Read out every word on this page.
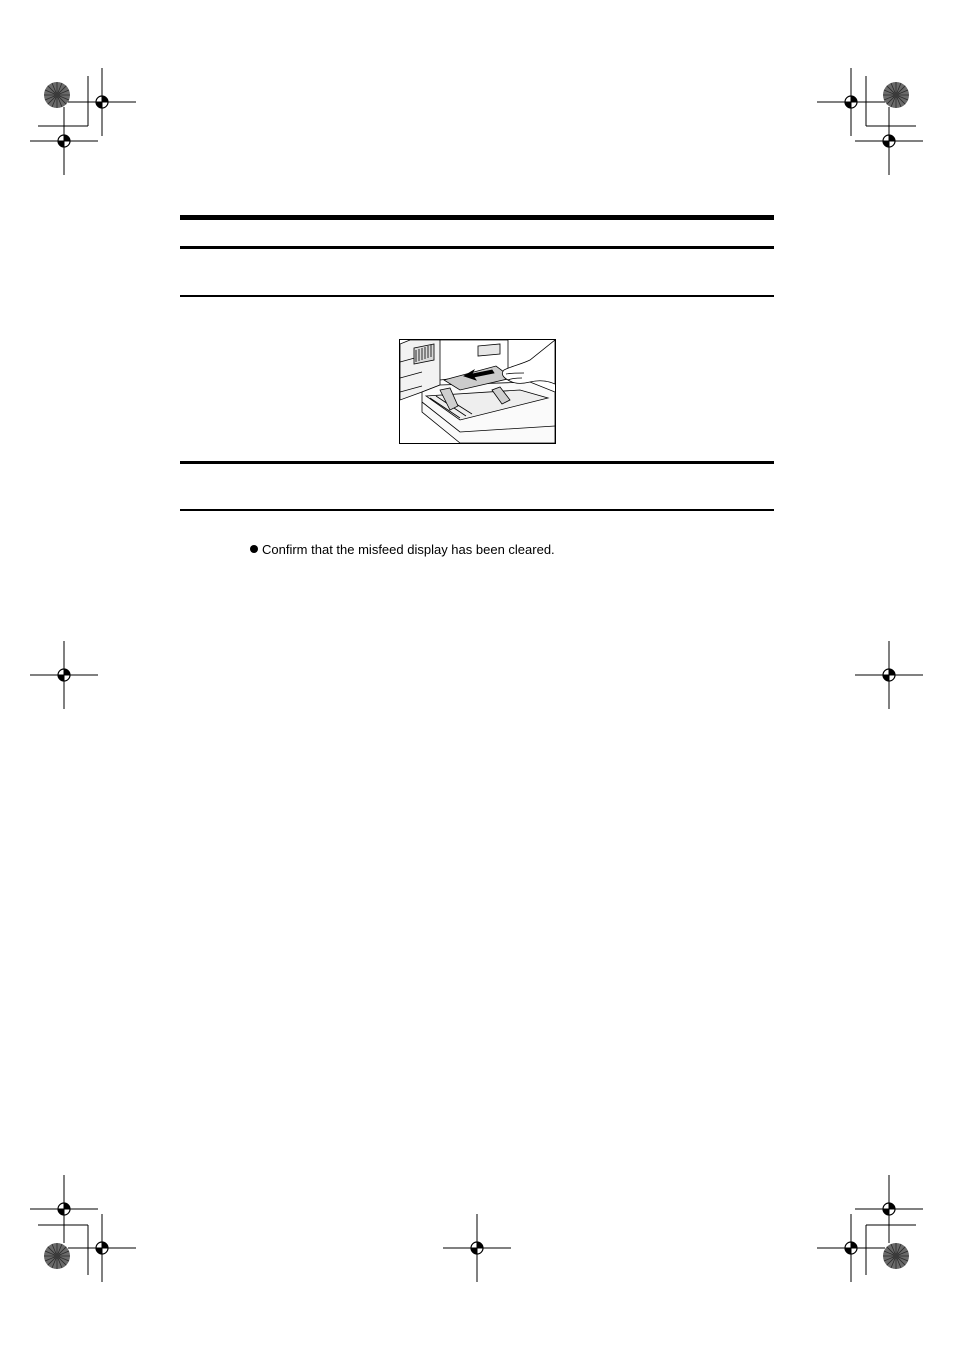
Confirm that the misfeed display has been cleared.
